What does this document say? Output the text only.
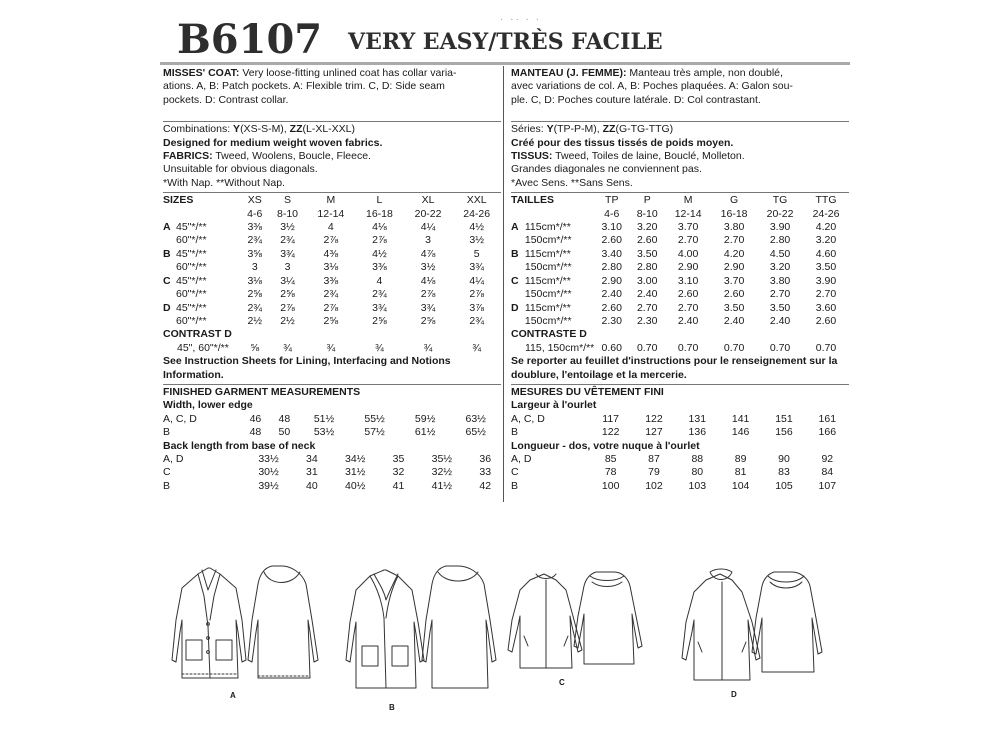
· ·· · ·
B6107 VERY EASY/TRÈS FACILE

MISSES' COAT: Very loose-fitting unlined coat has collar varia-
ations. A, B: Patch pockets. A: Flexible trim. C, D: Side seam
pockets. D: Contrast collar.

Combinations: Y(XS-S-M), ZZ(L-XL-XXL)

Designed for medium weight woven fabrics.

FABRICS: Tweed, Woolens, Boucle, Fleece.

Unsuitable for obvious diagonals.

*With Nap. **Without Nap.

SIZES		XS	S	M	L	XL	XXL
		4-6	8-10	12-14	16-18	20-22	24-26
A	45"*/**	3⅜	3½	4	4⅛	4¼	4½
	60"*/**	2¾	2¾	2⅞	2⅞	3	3½
B	45"*/**	3⅝	3¾	4⅜	4½	4⅞	5
	60"*/**	3	3	3⅛	3⅜	3½	3¾
C	45"*/**	3⅛	3¼	3⅜	4	4⅛	4¼
	60"*/**	2⅝	2⅝	2¾	2¾	2⅞	2⅞
D	45"*/**	2¾	2⅞	2⅞	3¾	3¾	3⅞
	60"*/**	2½	2½	2⅝	2⅝	2⅝	2¾
CONTRAST D							
45", 60"*/**		⅝	¾	¾	¾	¾	¾

See Instruction Sheets for Lining, Interfacing and Notions Information.

FINISHED GARMENT MEASUREMENTS

Width, lower edge

A, C, D	46	48	51½	55½	59½	63½
B	48	50	53½	57½	61½	65½

Back length from base of neck

A, D	33½	34	34½	35	35½	36
C	30½	31	31½	32	32½	33
B	39½	40	40½	41	41½	42

MANTEAU (J. FEMME): Manteau très ample, non doublé,
avec variations de col. A, B: Poches plaquées. A: Galon sou-
ple. C, D: Poches couture latérale. D: Col contrastant.

Séries: Y(TP-P-M), ZZ(G-TG-TTG)

Créé pour des tissus tissés de poids moyen.

TISSUS: Tweed, Toiles de laine, Bouclé, Molleton.

Grandes diagonales ne conviennent pas.

*Avec Sens. **Sans Sens.

TAILLES		TP	P	M	G	TG	TTG
		4-6	8-10	12-14	16-18	20-22	24-26
A	115cm*/**	3.10	3.20	3.70	3.80	3.90	4.20
	150cm*/**	2.60	2.60	2.70	2.70	2.80	3.20
B	115cm*/**	3.40	3.50	4.00	4.20	4.50	4.60
	150cm*/**	2.80	2.80	2.90	2.90	3.20	3.50
C	115cm*/**	2.90	3.00	3.10	3.70	3.80	3.90
	150cm*/**	2.40	2.40	2.60	2.60	2.70	2.70
D	115cm*/**	2.60	2.70	2.70	3.50	3.50	3.60
	150cm*/**	2.30	2.30	2.40	2.40	2.40	2.60
CONTRASTE D							
115, 150cm*/**		0.60	0.70	0.70	0.70	0.70	0.70

Se reporter au feuillet d'instructions pour le renseignement sur la doublure, l'entoilage et la mercerie.

MESURES DU VÊTEMENT FINI

Largeur à l'ourlet

A, C, D	117	122	131	141	151	161
B	122	127	136	146	156	166

Longueur - dos, votre nuque à l'ourlet

A, D	85	87	88	89	90	92
C	78	79	80	81	83	84
B	100	102	103	104	105	107
A
B
C
D
